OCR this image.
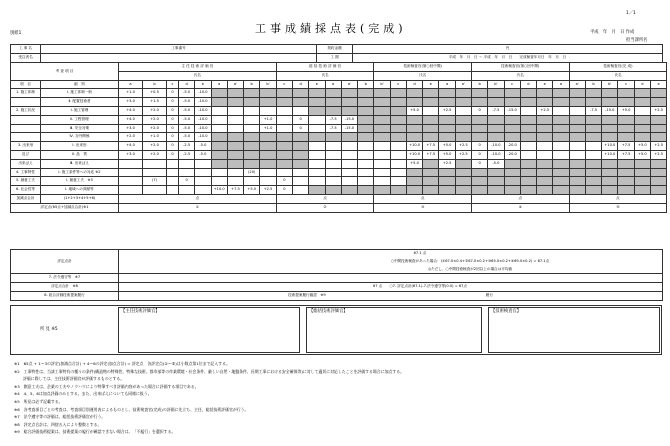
別紙1	工事成績採点表(完成)
1／1
平成　年　月　日 作成
担当課所名
工 事 名	工事番号	契約金額	円
受注者名		工 期	平成　年　月　日 ～ 平成　年　月　日　　 完成検査年月日　 年　月　日
考 査 項 目		主 任 技 術 評 価 官									総 括 技 術 評 価 官						技術検査官(第○回中間)						技術検査官(第○回中間)						技術検査官(完 成)						
		氏名									氏名						氏名						氏名						氏名						
項　目	細　別	a	b	c	d	e	a	a'	b	b'	c	d	e	a	a'	b	b'	c	d	e	a	a'	b	b'	c	d	e	a	a'	b	b'	c	d	e	
1. 施工体制	Ⅰ. 施工体制一般	+1.0	+0.5	0	-5.0	-10.0																														
	Ⅱ. 配置技術者	+3.0	+1.5	0	-5.0	-10.0																														
2. 施工状況	Ⅰ. 施工管理	+4.0	+2.0	0	-5.0	-10.0													+5.0		+2.5		0	-7.5	-15.0		+2.5			-7.5	-15.0	+5.0		+2.5		
	Ⅱ. 工程管理	+4.0	+2.0	0	-5.0	-10.0				+1.0		0		-7.5	-15.0																					
	Ⅲ. 安全対策	+3.0	+2.0	0	-5.0	-10.0				+1.0		0		-7.5	-15.0																					
	Ⅳ. 対外関係	+2.0	+1.0	0	-5.0	-10.0																														
3. 出来形	Ⅰ. 出来形	+4.0	+2.0	0	-2.5	-5.0													+10.0	+7.5	+5.0	+2.5	0	-10.0	-20.0						+10.0	+7.5	+5.0	+2.5		
及び	Ⅱ. 品　質	+3.0	+2.0	0	-2.5	-5.0													+10.0	+7.5	+5.0	+2.5	0	-10.0	-20.0						+10.0	+7.5	+5.0	+2.5		
出来ばえ	Ⅲ. 出来ばえ																		+5.0		+2.5		0	-5.0												
4. 工事特性	Ⅰ. 施工条件等への対応 ※2								(20)																											
5. 創意工夫	Ⅰ. 創意工夫　※3		(7)		0						0																									
6. 社会性等	Ⅰ. 地域への貢献等						+10.0	+7.5	+5.0	+2.5	0																									
加減点合計	(1+2+3+4+5+6)	点									点						点						点						点						
評定点(65点+加減点合計)※1		①									②						③						④						⑤						
評定点計	67.1 点
	○中間技術検査があった場合：(①67.0×0.4+②67.0×0.2+③65.0×0.2+④69.0×0.2) = 67.1点
	◎ただし、○中間技術検査が2回以上の場合は平均値
7. 法令遵守等　※7	
評定点合計　※8	67 点　　 ○7. 評定点計(67.1)-7.法令遵守等(0.0) = 67点
8. 総合評価技術提案履行	技術提案履行確認　※9 履行
所 見 ※5
【主任技術評価官】	【総括技術評価官】	【技術検査官】
※1　65点 + 1～3の評定(加減点合計) + 4～6の評定(加点合計) = 評定点　各評定点(①～⑤)は小数点第1位まで記入する。
※2　工事特性は、当該工事特有の種々の条件(構造物の特殊性、特殊な技術、都市部等の作業環境・社会条件、厳しい自然・地盤条件、長期工事における安全確保等)に対して適切に対応したことを評価する場合に加点する。
　　 評価に際しては、主任技術評価官が評価するものとする。
※3　創意工夫は、企業の工夫やノウハウにより特筆すべき評価内容があった場合に評価する項目である。
※4　4、5、6は加点評価のみとする。また、出来ばえについても同様に扱う。
※5　所見は必ず記載する。
※6　各考査項目ごとの考査は、考査項目別運用表によるものとし、技術検査官(完成)の評価に先立ち、主任、総括技術評価官が行う。
※7　法令遵守等の評価は、総括技術評価官が行う。
※8　評定点合計は、四捨五入により整数とする。
※9　総合評価技術提案は、技術提案の履行が確認できない場合は、「不履行」を選択する。
